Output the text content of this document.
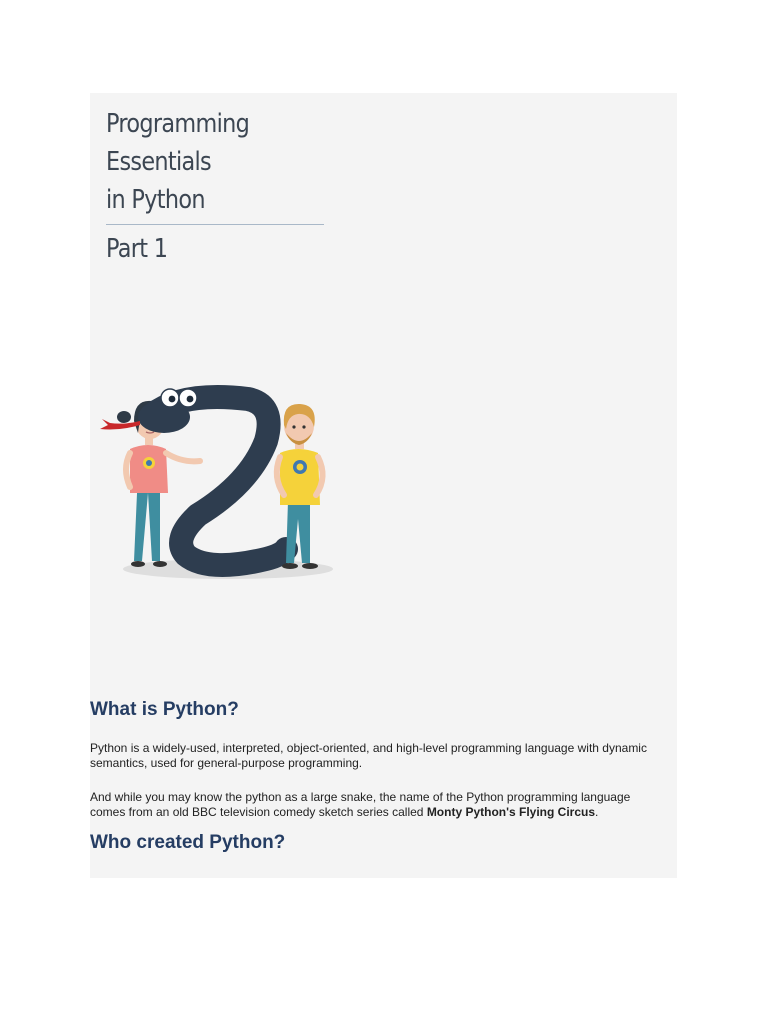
Programming
Essentials
in Python
Part 1
What is Python?

Python is a widely-used, interpreted, object-oriented, and high-level programming language with dynamic semantics, used for general-purpose programming.

And while you may know the python as a large snake, the name of the Python programming language comes from an old BBC television comedy sketch series called Monty Python's Flying Circus.

Who created Python?
